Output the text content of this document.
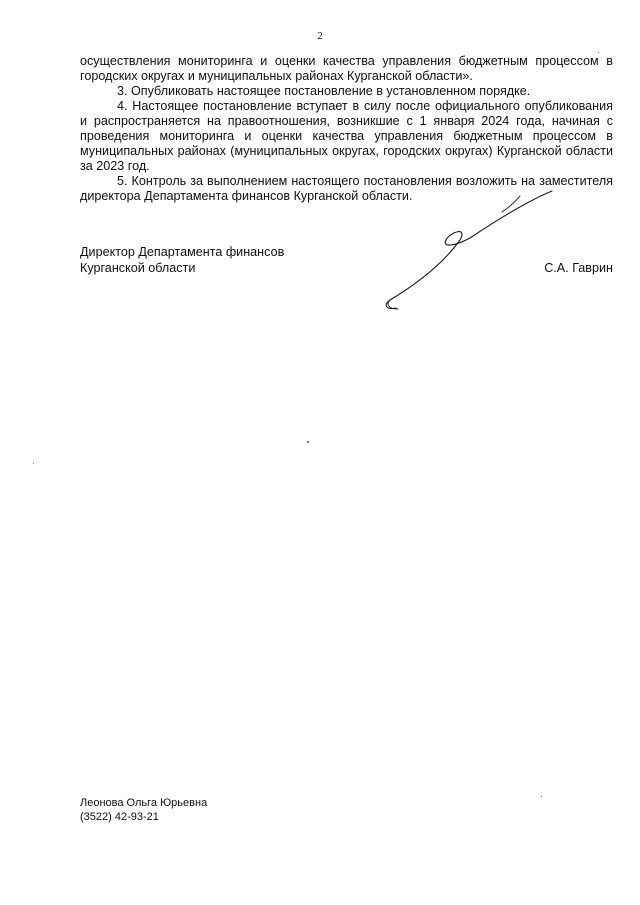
2

осуществления мониторинга и оценки качества управления бюджетным процессом в городских округах и муниципальных районах Курганской области».

3. Опубликовать настоящее постановление в установленном порядке.

4. Настоящее постановление вступает в силу после официального опубликования и распространяется на правоотношения, возникшие с 1 января 2024 года, начиная с проведения мониторинга и оценки качества управления бюджетным процессом в муниципальных районах (муниципальных округах, городских округах) Курганской области за 2023 год.

5. Контроль за выполнением настоящего постановления возложить на заместителя директора Департамента финансов Курганской области.

Директор Департамента финансов
Курганской области	С.А. Гаврин
Леонова Ольга Юрьевна
(3522) 42-93-21
